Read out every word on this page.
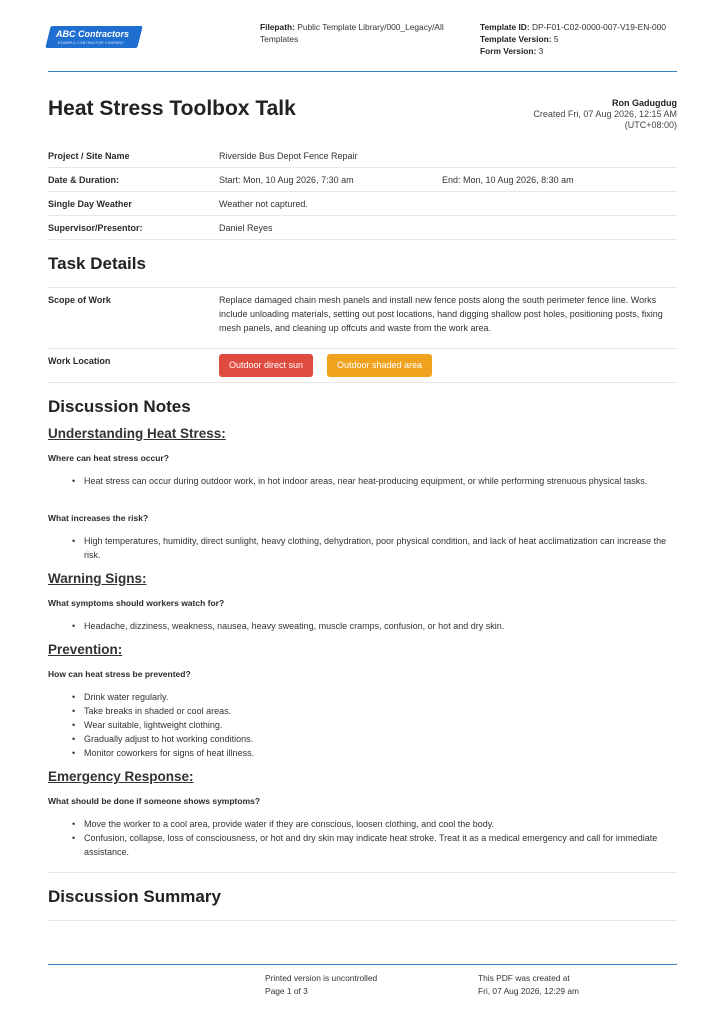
ABC Contractors
EXAMPLE CONTRACTOR COMPANY
Filepath: Public Template Library/000_Legacy/All Templates
Template ID: DP-F01-C02-0000-007-V19-EN-000
Template Version: 5
Form Version: 3
Heat Stress Toolbox Talk	Ron Gadugdug
Created Fri, 07 Aug 2026, 12:15 AM
(UTC+08:00)
Project / Site Name	Riverside Bus Depot Fence Repair
Date & Duration:	Start: Mon, 10 Aug 2026, 7:30 am	End: Mon, 10 Aug 2026, 8:30 am
Single Day Weather	Weather not captured.
Supervisor/Presentor:	Daniel Reyes
Task Details
Scope of Work	Replace damaged chain mesh panels and install new fence posts along the south perimeter fence line. Works include unloading materials, setting out post locations, hand digging shallow post holes, positioning posts, fixing mesh panels, and cleaning up offcuts and waste from the work area.
Work Location	Outdoor direct sun	Outdoor shaded area
Discussion Notes
Understanding Heat Stress:
Where can heat stress occur?
• Heat stress can occur during outdoor work, in hot indoor areas, near heat-producing equipment, or while performing strenuous physical tasks.
What increases the risk?
• High temperatures, humidity, direct sunlight, heavy clothing, dehydration, poor physical condition, and lack of heat acclimatization can increase the risk.
Warning Signs:
What symptoms should workers watch for?
• Headache, dizziness, weakness, nausea, heavy sweating, muscle cramps, confusion, or hot and dry skin.
Prevention:
How can heat stress be prevented?
• Drink water regularly.
• Take breaks in shaded or cool areas.
• Wear suitable, lightweight clothing.
• Gradually adjust to hot working conditions.
• Monitor coworkers for signs of heat illness.
Emergency Response:
What should be done if someone shows symptoms?
• Move the worker to a cool area, provide water if they are conscious, loosen clothing, and cool the body.
• Confusion, collapse, loss of consciousness, or hot and dry skin may indicate heat stroke. Treat it as a medical emergency and call for immediate assistance.
Discussion Summary
Printed version is uncontrolled
Page 1 of 3
This PDF was created at
Fri, 07 Aug 2026, 12:29 am
